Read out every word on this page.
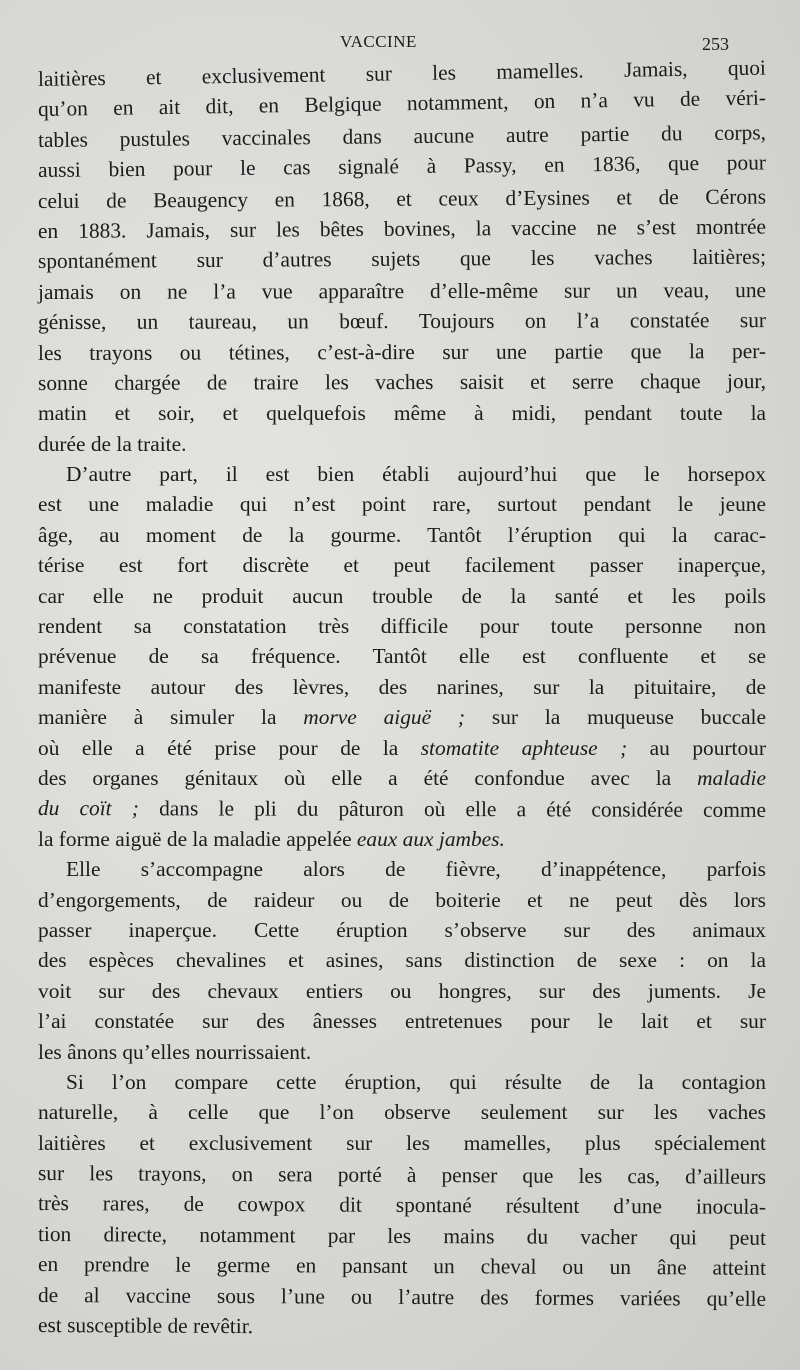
VACCINE	253
laitières et exclusivement sur les mamelles. Jamais, quoi
qu’on en ait dit, en Belgique notamment, on n’a vu de véri-
tables pustules vaccinales dans aucune autre partie du corps,
aussi bien pour le cas signalé à Passy, en 1836, que pour
celui de Beaugency en 1868, et ceux d’Eysines et de Cérons
en 1883. Jamais, sur les bêtes bovines, la vaccine ne s’est montrée
spontanément sur d’autres sujets que les vaches laitières;
jamais on ne l’a vue apparaître d’elle-même sur un veau, une
génisse, un taureau, un bœuf. Toujours on l’a constatée sur
les trayons ou tétines, c’est-à-dire sur une partie que la per-
sonne chargée de traire les vaches saisit et serre chaque jour,
matin et soir, et quelquefois même à midi, pendant toute la
durée de la traite.
D’autre part, il est bien établi aujourd’hui que le horsepox
est une maladie qui n’est point rare, surtout pendant le jeune
âge, au moment de la gourme. Tantôt l’éruption qui la carac-
térise est fort discrète et peut facilement passer inaperçue,
car elle ne produit aucun trouble de la santé et les poils
rendent sa constatation très difficile pour toute personne non
prévenue de sa fréquence. Tantôt elle est confluente et se
manifeste autour des lèvres, des narines, sur la pituitaire, de
manière à simuler la morve aiguë ; sur la muqueuse buccale
où elle a été prise pour de la stomatite aphteuse ; au pourtour
des organes génitaux où elle a été confondue avec la maladie
du coït ; dans le pli du pâturon où elle a été considérée comme
la forme aiguë de la maladie appelée eaux aux jambes.
Elle s’accompagne alors de fièvre, d’inappétence, parfois
d’engorgements, de raideur ou de boiterie et ne peut dès lors
passer inaperçue. Cette éruption s’observe sur des animaux
des espèces chevalines et asines, sans distinction de sexe : on la
voit sur des chevaux entiers ou hongres, sur des juments. Je
l’ai constatée sur des ânesses entretenues pour le lait et sur
les ânons qu’elles nourrissaient.
Si l’on compare cette éruption, qui résulte de la contagion
naturelle, à celle que l’on observe seulement sur les vaches
laitières et exclusivement sur les mamelles, plus spécialement
sur les trayons, on sera porté à penser que les cas, d’ailleurs
très rares, de cowpox dit spontané résultent d’une inocula-
tion directe, notamment par les mains du vacher qui peut
en prendre le germe en pansant un cheval ou un âne atteint
de al vaccine sous l’une ou l’autre des formes variées qu’elle
est susceptible de revêtir.
